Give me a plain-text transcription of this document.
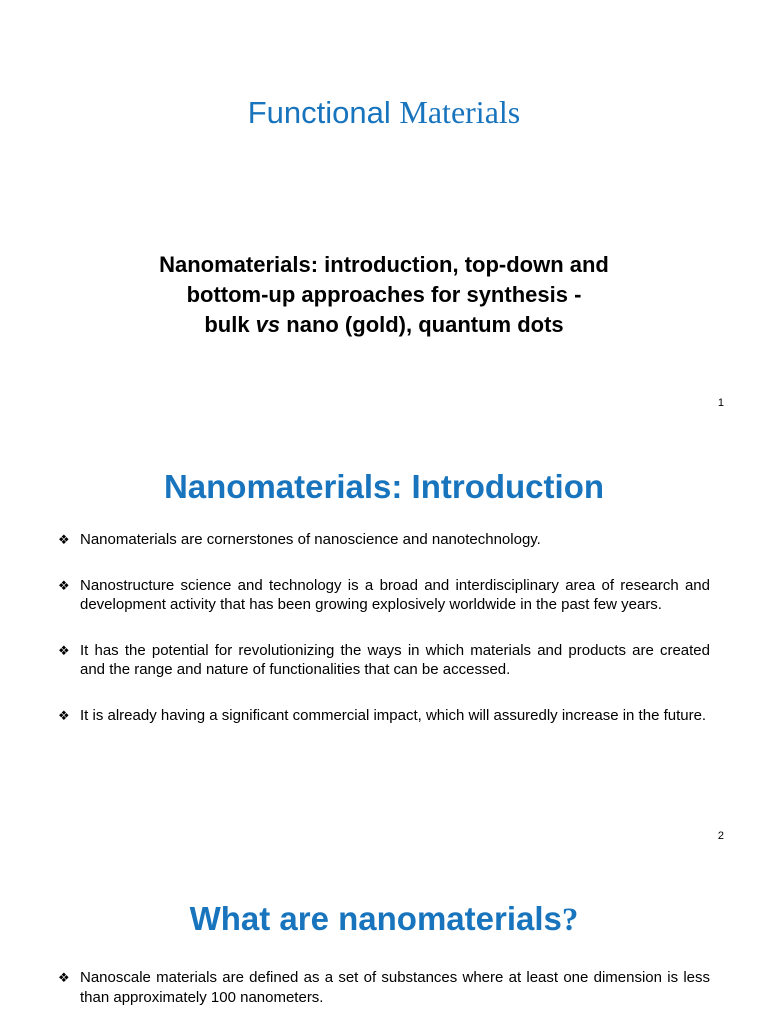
Functional Materials
Nanomaterials: introduction, top-down and
bottom-up approaches for synthesis -
bulk vs nano (gold), quantum dots
1
Nanomaterials: Introduction
❖ Nanomaterials are cornerstones of nanoscience and nanotechnology.
❖ Nanostructure science and technology is a broad and interdisciplinary area of research and development activity that has been growing explosively worldwide in the past few years.
❖ It has the potential for revolutionizing the ways in which materials and products are created and the range and nature of functionalities that can be accessed.
❖ It is already having a significant commercial impact, which will assuredly increase in the future.
2
What are nanomaterials?
❖ Nanoscale materials are defined as a set of substances where at least one dimension is less than approximately 100 nanometers.
